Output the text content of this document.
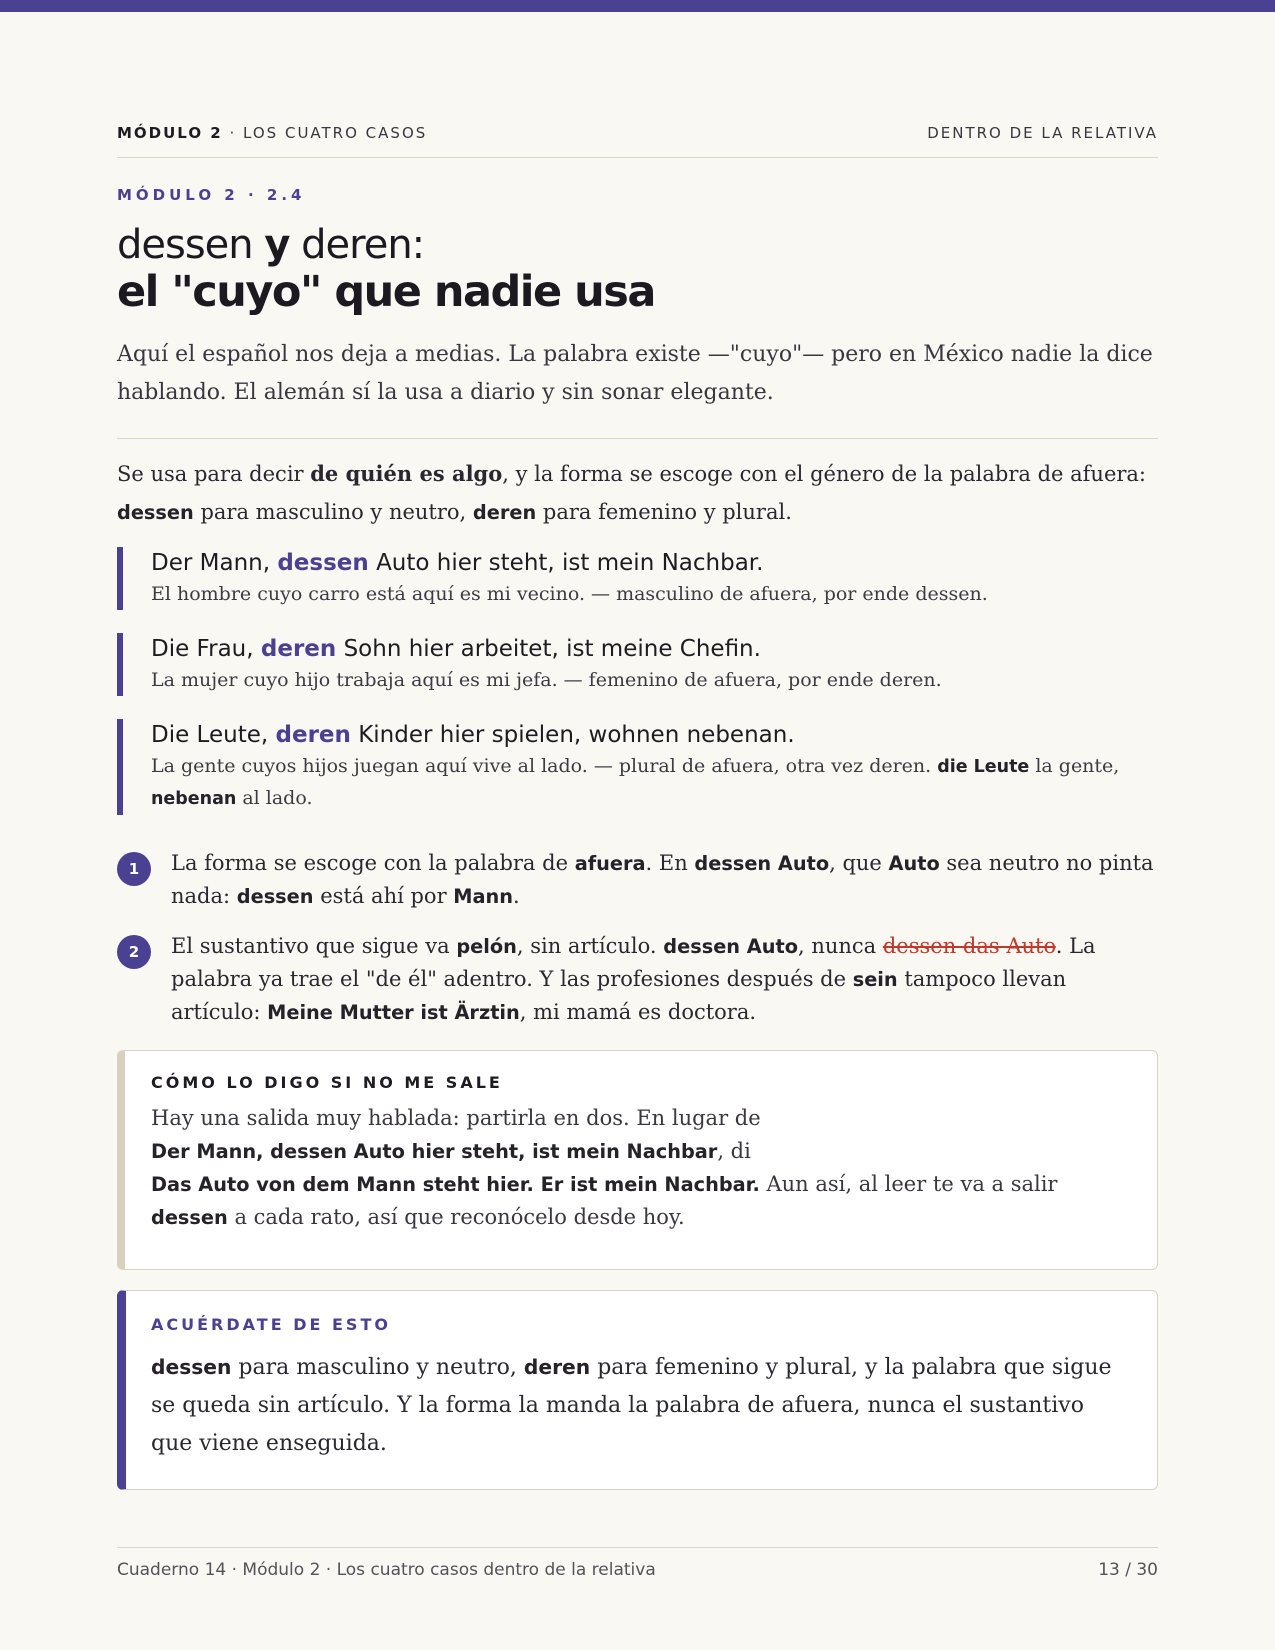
MÓDULO 2 · LOS CUATRO CASOS	DENTRO DE LA RELATIVA
MÓDULO 2 · 2.4
dessen y deren:
el "cuyo" que nadie usa

Aquí el español nos deja a medias. La palabra existe —"cuyo"— pero en México nadie la dice hablando. El alemán sí la usa a diario y sin sonar elegante.

Se usa para decir de quién es algo, y la forma se escoge con el género de la palabra de afuera: dessen para masculino y neutro, deren para femenino y plural.

Der Mann, dessen Auto hier steht, ist mein Nachbar.
El hombre cuyo carro está aquí es mi vecino. — masculino de afuera, por ende dessen.
Die Frau, deren Sohn hier arbeitet, ist meine Chefin.
La mujer cuyo hijo trabaja aquí es mi jefa. — femenino de afuera, por ende deren.
Die Leute, deren Kinder hier spielen, wohnen nebenan.
La gente cuyos hijos juegan aquí vive al lado. — plural de afuera, otra vez deren. die Leute la gente, nebenan al lado.
1	La forma se escoge con la palabra de afuera. En dessen Auto, que Auto sea neutro no pinta nada: dessen está ahí por Mann.
2	El sustantivo que sigue va pelón, sin artículo. dessen Auto, nunca dessen das Auto. La palabra ya trae el "de él" adentro. Y las profesiones después de sein tampoco llevan artículo: Meine Mutter ist Ärztin, mi mamá es doctora.
CÓMO LO DIGO SI NO ME SALE
Hay una salida muy hablada: partirla en dos. En lugar de
Der Mann, dessen Auto hier steht, ist mein Nachbar, di
Das Auto von dem Mann steht hier. Er ist mein Nachbar. Aun así, al leer te va a salir dessen a cada rato, así que reconócelo desde hoy.
ACUÉRDATE DE ESTO
dessen para masculino y neutro, deren para femenino y plural, y la palabra que sigue se queda sin artículo. Y la forma la manda la palabra de afuera, nunca el sustantivo que viene enseguida.
Cuaderno 14 · Módulo 2 · Los cuatro casos dentro de la relativa	13 / 30
